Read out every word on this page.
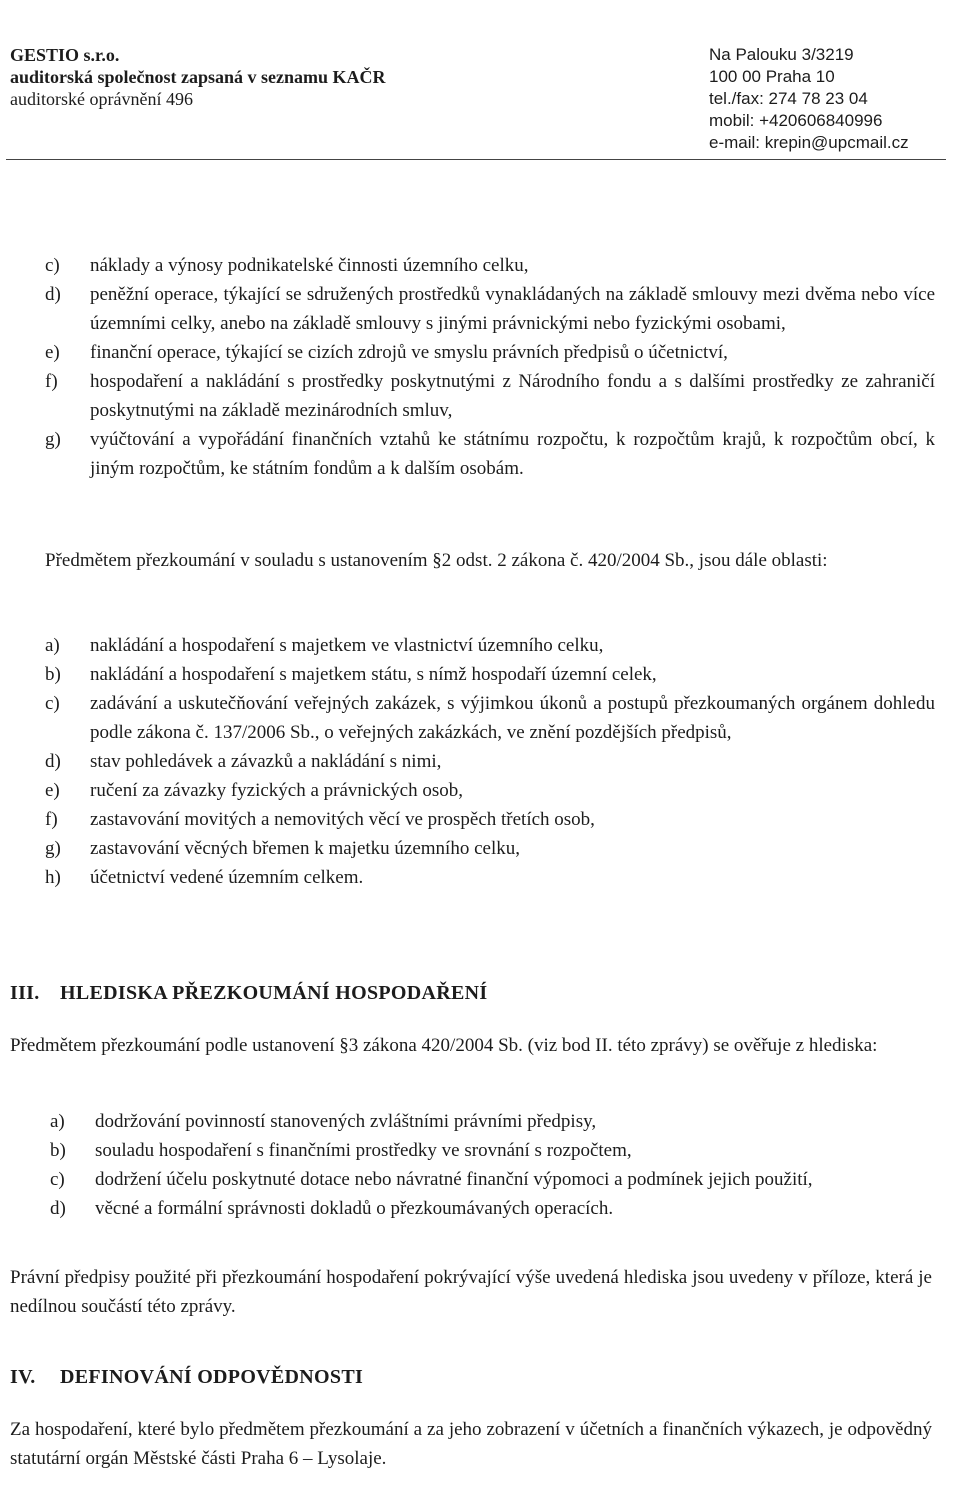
GESTIO s.r.o.
auditorská společnost zapsaná v seznamu KAČR
auditorské oprávnění 496
Na Palouku 3/3219
100 00 Praha 10
tel./fax: 274 78 23 04
mobil: +420606840996
e-mail: krepin@upcmail.cz
c) náklady a výnosy podnikatelské činnosti územního celku,
d) peněžní operace, týkající se sdružených prostředků vynakládaných na základě smlouvy mezi dvěma nebo více územními celky, anebo na základě smlouvy s jinými právnickými nebo fyzickými osobami,
e) finanční operace, týkající se cizích zdrojů ve smyslu právních předpisů o účetnictví,
f) hospodaření a nakládání s prostředky poskytnutými z Národního fondu a s dalšími prostředky ze zahraničí poskytnutými na základě mezinárodních smluv,
g) vyúčtování a vypořádání finančních vztahů ke státnímu rozpočtu, k rozpočtům krajů, k rozpočtům obcí, k jiným rozpočtům, ke státním fondům a k dalším osobám.
Předmětem přezkoumání v souladu s ustanovením §2 odst. 2 zákona č. 420/2004 Sb., jsou dále oblasti:
a) nakládání a hospodaření s majetkem ve vlastnictví územního celku,
b) nakládání a hospodaření s majetkem státu, s nímž hospodaří územní celek,
c) zadávání a uskutečňování veřejných zakázek, s výjimkou úkonů a postupů přezkoumaných orgánem dohledu podle zákona č. 137/2006 Sb., o veřejných zakázkách, ve znění pozdějších předpisů,
d) stav pohledávek a závazků a nakládání s nimi,
e) ručení za závazky fyzických a právnických osob,
f) zastavování movitých a nemovitých věcí ve prospěch třetích osob,
g) zastavování věcných břemen k majetku územního celku,
h) účetnictví vedené územním celkem.
III. HLEDISKA PŘEZKOUMÁNÍ HOSPODAŘENÍ
Předmětem přezkoumání podle ustanovení §3 zákona 420/2004 Sb. (viz bod II. této zprávy) se ověřuje z hlediska:
a) dodržování povinností stanovených zvláštními právními předpisy,
b) souladu hospodaření s finančními prostředky ve srovnání s rozpočtem,
c) dodržení účelu poskytnuté dotace nebo návratné finanční výpomoci a podmínek jejich použití,
d) věcné a formální správnosti dokladů o přezkoumávaných operacích.
Právní předpisy použité při přezkoumání hospodaření pokrývající výše uvedená hlediska jsou uvedeny v příloze, která je nedílnou součástí této zprávy.
IV. DEFINOVÁNÍ ODPOVĚDNOSTI
Za hospodaření, které bylo předmětem přezkoumání a za jeho zobrazení v účetních a finančních výkazech, je odpovědný statutární orgán Městské části Praha 6 – Lysolaje.
